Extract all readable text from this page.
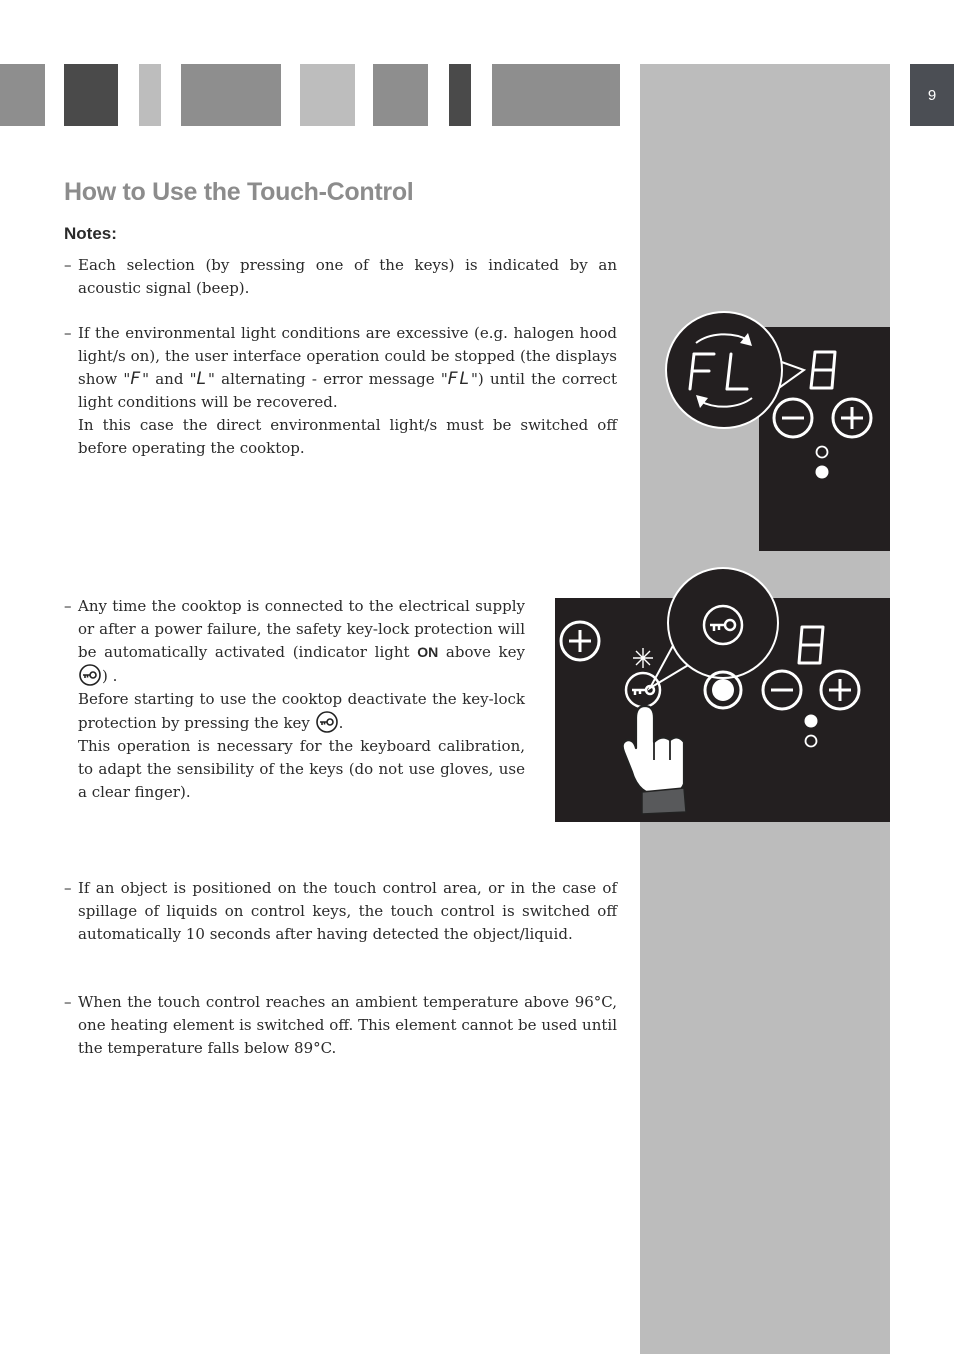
9
How to Use the Touch-Control
Notes:
– Each selection (by pressing one of the keys) is indicated by an acoustic signal (beep).
– If the environmental light conditions are excessive (e.g. halogen hood light/s on), the user interface operation could be stopped (the displays show "F" and "L" alternating - error message "FL") until the correct light conditions will be recovered.
In this case the direct environmental light/s must be switched off before operating the cooktop.
– Any time the cooktop is connected to the electrical supply or after a power failure, the safety key-lock protection will be automatically activated (indicator light ON above key ) .
Before starting to use the cooktop deactivate the key-lock protection by pressing the key .
This operation is necessary for the keyboard calibration, to adapt the sensibility of the keys (do not use gloves, use a clear finger).
– If an object is positioned on the touch control area, or in the case of spillage of liquids on control keys, the touch control is switched off automatically 10 seconds after having detected the object/liquid.
– When the touch control reaches an ambient temperature above 96°C, one heating element is switched off. This element cannot be used until the temperature falls below 89°C.
